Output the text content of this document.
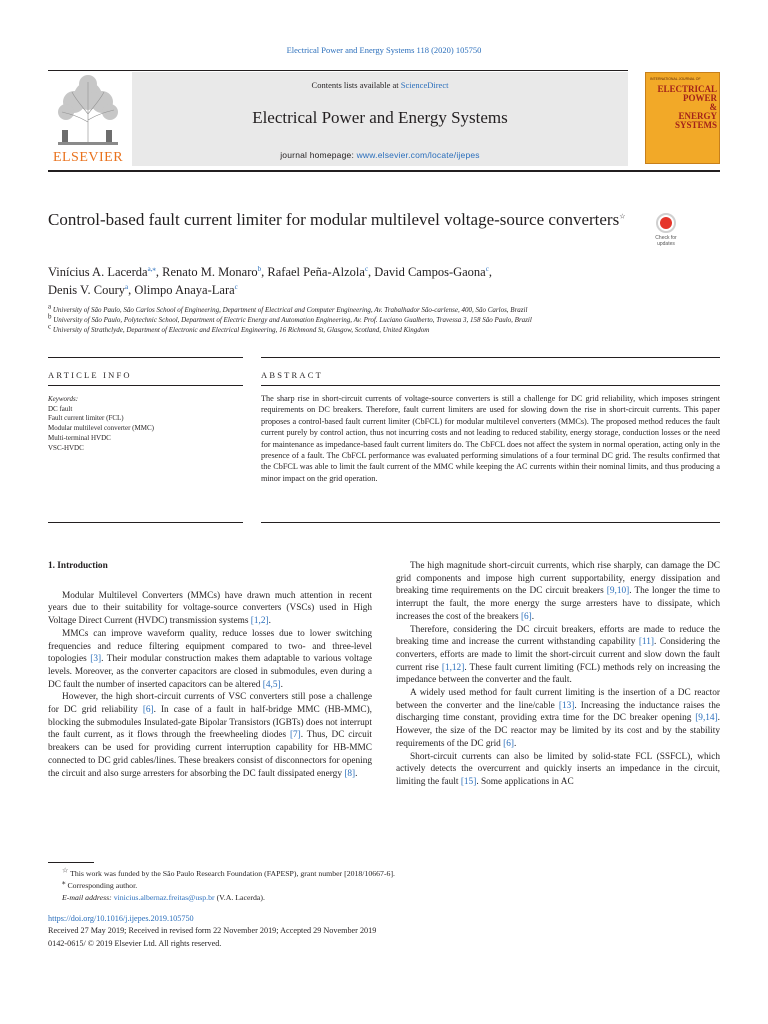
Electrical Power and Energy Systems 118 (2020) 105750
ELSEVIER
Contents lists available at ScienceDirect
Electrical Power and Energy Systems
journal homepage: www.elsevier.com/locate/ijepes
INTERNATIONAL JOURNAL OF
ELECTRICAL
POWER
&
ENERGY
SYSTEMS
Control-based fault current limiter for modular multilevel voltage-source converters☆
Check for
updates
Vinícius A. Lacerda$^{a,⁎}$, Renato M. Monaro$^b$, Rafael Peña-Alzola$^c$, David Campos-Gaona$^c$,
Denis V. Coury$^a$, Olimpo Anaya-Lara$^c$
$^a$ University of São Paulo, São Carlos School of Engineering, Department of Electrical and Computer Engineering, Av. Trabalhador São-carlense, 400, São Carlos, Brazil
$^b$ University of São Paulo, Polytechnic School, Department of Electric Energy and Automation Engineering, Av. Prof. Luciano Gualberto, Travessa 3, 158 São Paulo, Brazil
$^c$ University of Strathclyde, Department of Electronic and Electrical Engineering, 16 Richmond St, Glasgow, Scotland, United Kingdom
ARTICLE INFO	ABSTRACT
Keywords:
DC fault
Fault current limiter (FCL)
Modular multilevel converter (MMC)
Multi-terminal HVDC
VSC-HVDC
The sharp rise in short-circuit currents of voltage-source converters is still a challenge for DC grid reliability, which imposes stringent requirements on DC breakers. Therefore, fault current limiters are used for slowing down the rise in short-circuit currents. This paper proposes a control-based fault current limiter (CbFCL) for modular multilevel converters (MMCs). The proposed method reduces the fault current purely by control action, thus not incurring costs and not leading to reduced stability, energy storage, conduction losses or the need for maintenance as impedance-based fault current limiters do. The CbFCL does not affect the system in normal operation, acting only in the presence of a fault. The CbFCL performance was evaluated performing simulations of a four terminal DC grid. The results confirmed that the CbFCL was able to limit the fault current of the MMC while keeping the AC currents within their nominal limits, and thus producing a minor impact on the grid operation.
1. Introduction

Modular Multilevel Converters (MMCs) have drawn much attention in recent years due to their suitability for voltage-source converters (VSCs) used in High Voltage Direct Current (HVDC) transmission systems [1,2].

MMCs can improve waveform quality, reduce losses due to lower switching frequencies and reduce filtering equipment compared to two- and three-level topologies [3]. Their modular construction makes them adaptable to various voltage levels. Moreover, as the converter capacitors are closed in submodules, even during a DC fault the number of inserted capacitors can be altered [4,5].

However, the high short-circuit currents of VSC converters still pose a challenge for DC grid reliability [6]. In case of a fault in half-bridge MMC (HB-MMC), blocking the submodules Insulated-gate Bipolar Transistors (IGBTs) does not interrupt the fault current, as it flows through the freewheeling diodes [7]. Thus, DC circuit breakers can be used for providing current interruption capability for HB-MMC connected to DC grid cables/lines. These breakers consist of disconnectors for opening the circuit and also surge arresters for absorbing the DC fault dissipated energy [8].

The high magnitude short-circuit currents, which rise sharply, can damage the DC grid components and impose high current supportability, energy dissipation and breaking time requirements on the DC circuit breakers [9,10]. The longer the time to interrupt the fault, the more energy the surge arresters have to dissipate, which increases the cost of the breakers [6].

Therefore, considering the DC circuit breakers, efforts are made to reduce the breaking time and increase the current withstanding capability [11]. Considering the converters, efforts are made to limit the short-circuit current and slow down the fault current rise [1,12]. These fault current limiting (FCL) methods rely on increasing the impedance between the converter and the fault.

A widely used method for fault current limiting is the insertion of a DC reactor between the converter and the line/cable [13]. Increasing the inductance raises the discharging time constant, providing extra time for the DC breaker opening [9,14]. However, the size of the DC reactor may be limited by its cost and by the stability requirements of the DC grid [6].

Short-circuit currents can also be limited by solid-state FCL (SSFCL), which actively detects the overcurrent and quickly inserts an impedance in the circuit, limiting the fault [15]. Some applications in AC

☆ This work was funded by the São Paulo Research Foundation (FAPESP), grant number [2018/10667-6].
⁎ Corresponding author.
E-mail address: vinicius.albernaz.freitas@usp.br (V.A. Lacerda).
https://doi.org/10.1016/j.ijepes.2019.105750
Received 27 May 2019; Received in revised form 22 November 2019; Accepted 29 November 2019
0142-0615/ © 2019 Elsevier Ltd. All rights reserved.
